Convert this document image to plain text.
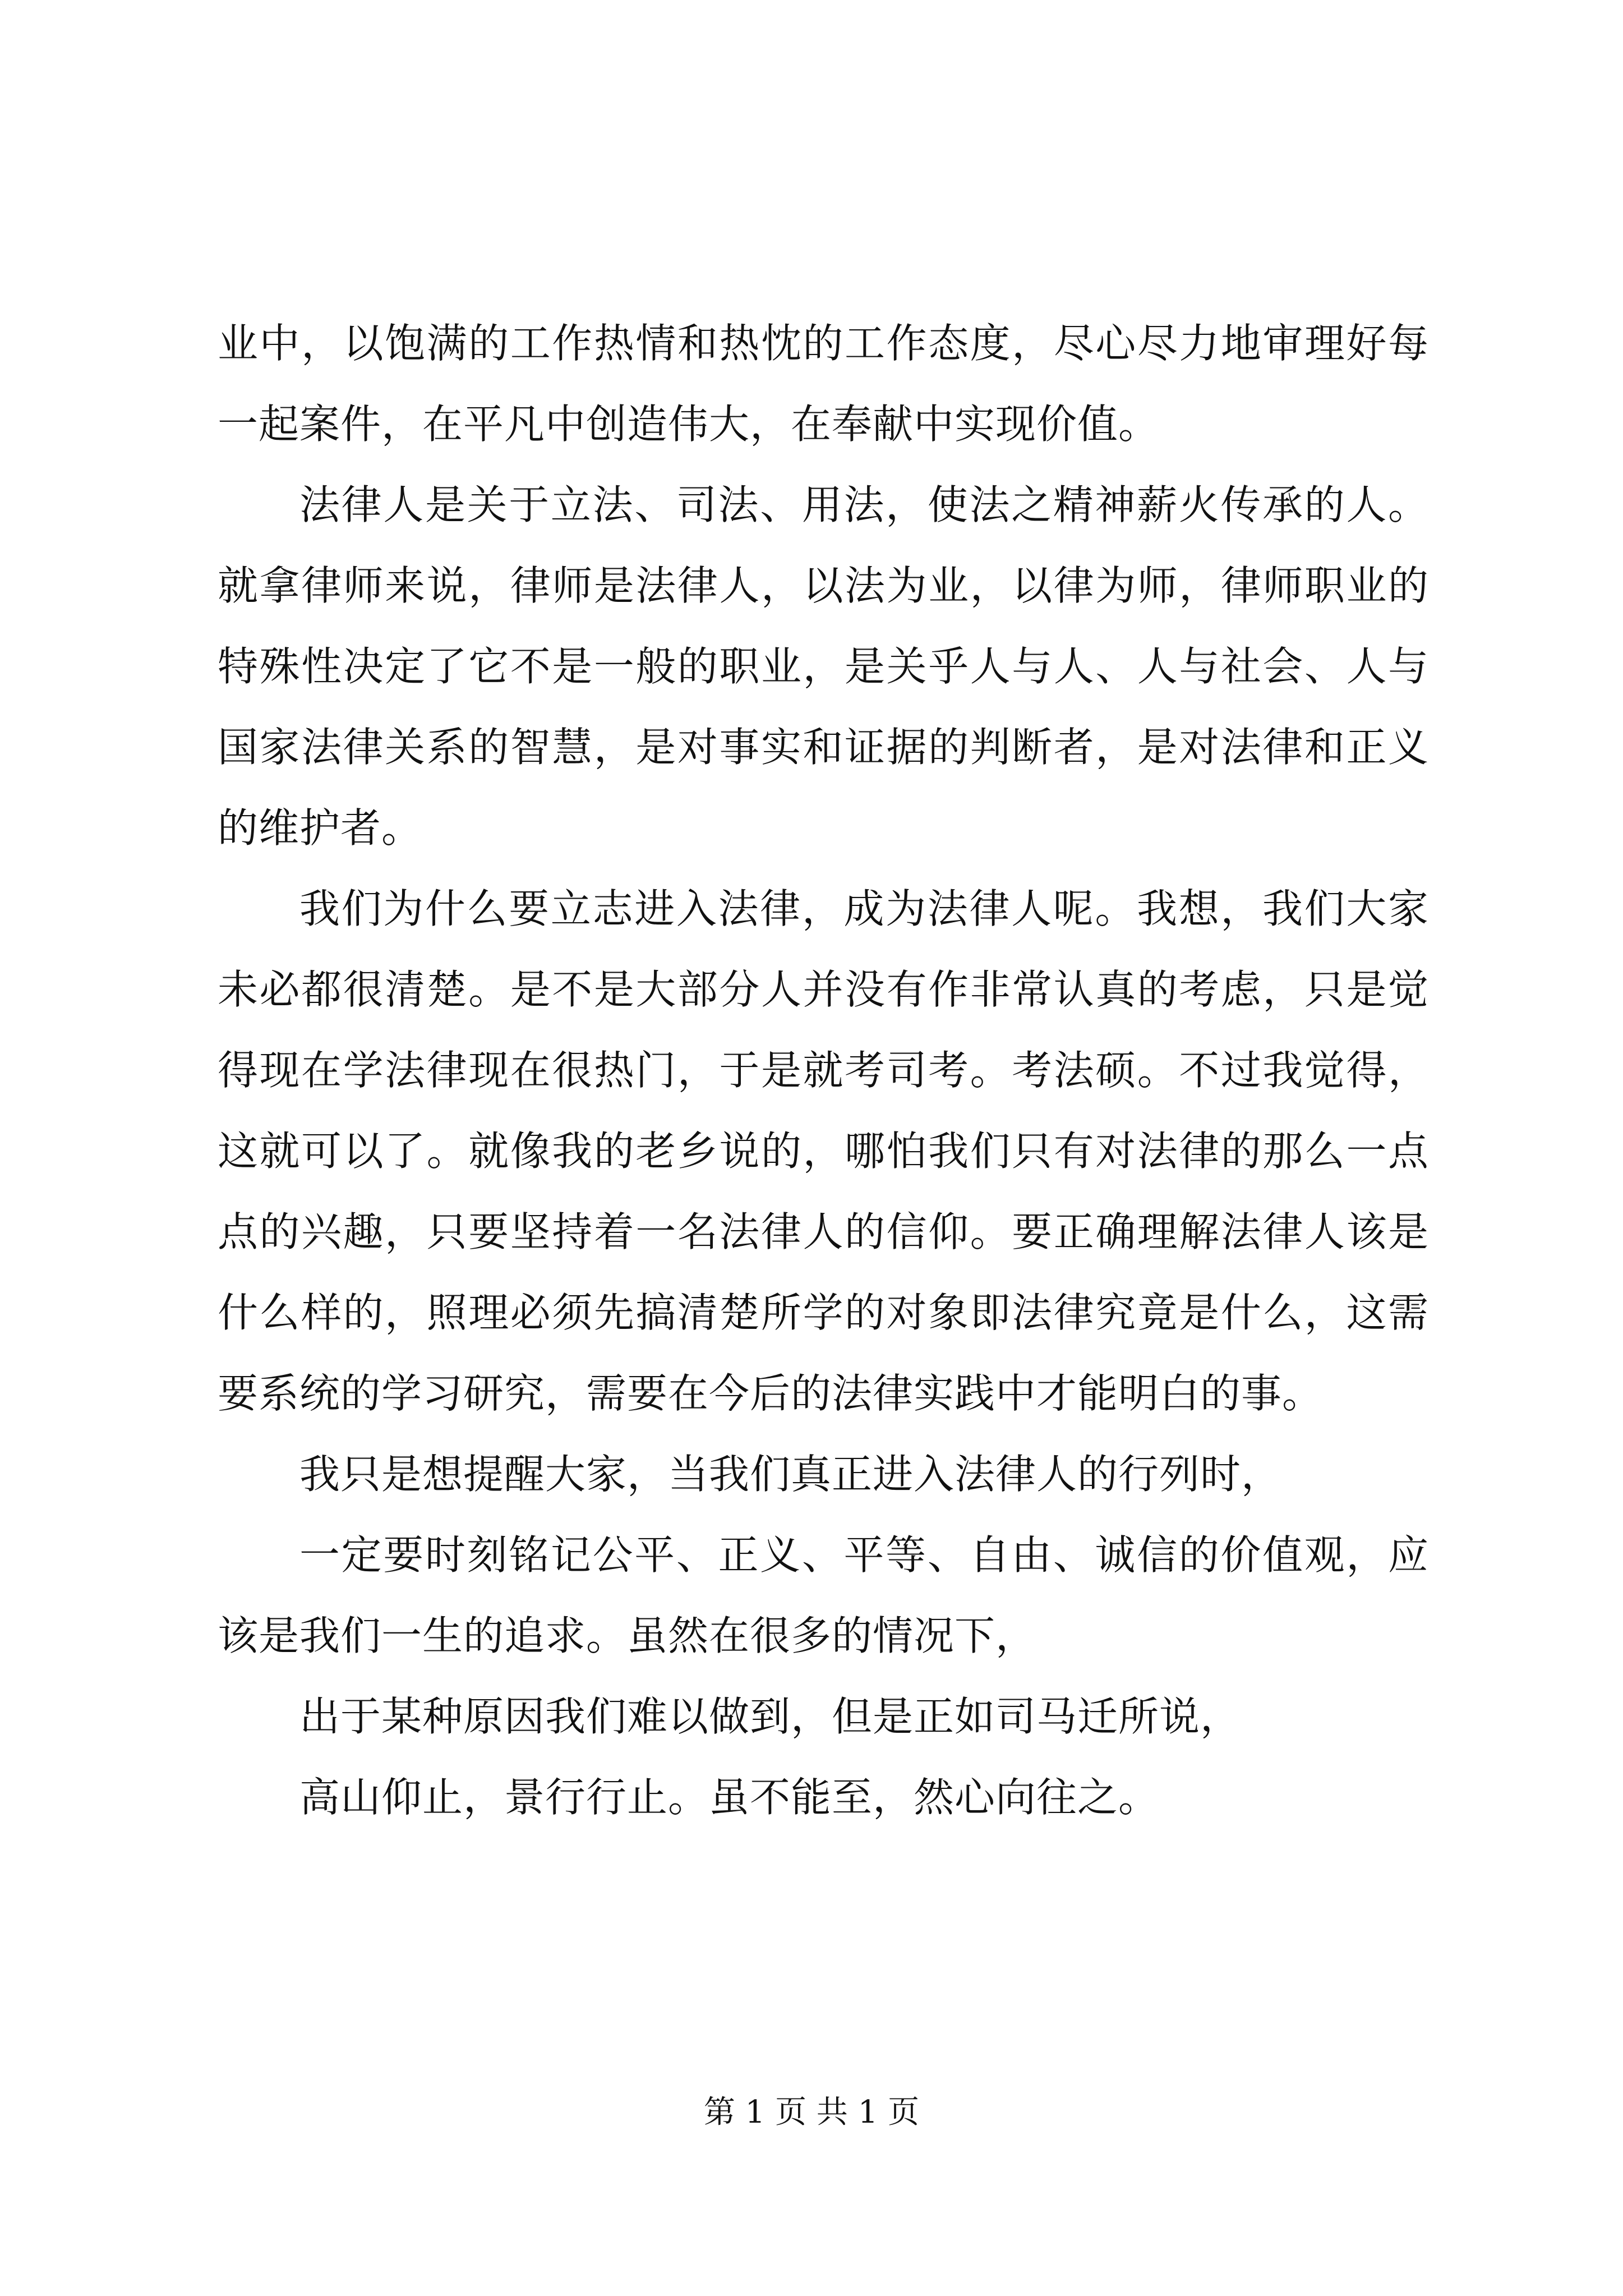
业中，以饱满的工作热情和热忱的工作态度，尽心尽力地审理好每一起案件，在平凡中创造伟大，在奉献中实现价值。

法律人是关于立法、司法、用法，使法之精神薪火传承的人。就拿律师来说，律师是法律人，以法为业，以律为师，律师职业的特殊性决定了它不是一般的职业，是关乎人与人、人与社会、人与国家法律关系的智慧，是对事实和证据的判断者，是对法律和正义的维护者。

我们为什么要立志进入法律，成为法律人呢。我想，我们大家未必都很清楚。是不是大部分人并没有作非常认真的考虑，只是觉得现在学法律现在很热门，于是就考司考。考法硕。不过我觉得，这就可以了。就像我的老乡说的，哪怕我们只有对法律的那么一点点的兴趣，只要坚持着一名法律人的信仰。要正确理解法律人该是什么样的，照理必须先搞清楚所学的对象即法律究竟是什么，这需要系统的学习研究，需要在今后的法律实践中才能明白的事。

我只是想提醒大家，当我们真正进入法律人的行列时，

一定要时刻铭记公平、正义、平等、自由、诚信的价值观，应该是我们一生的追求。虽然在很多的情况下，

出于某种原因我们难以做到，但是正如司马迁所说，

高山仰止，景行行止。虽不能至，然心向往之。

第 1 页 共 1 页
